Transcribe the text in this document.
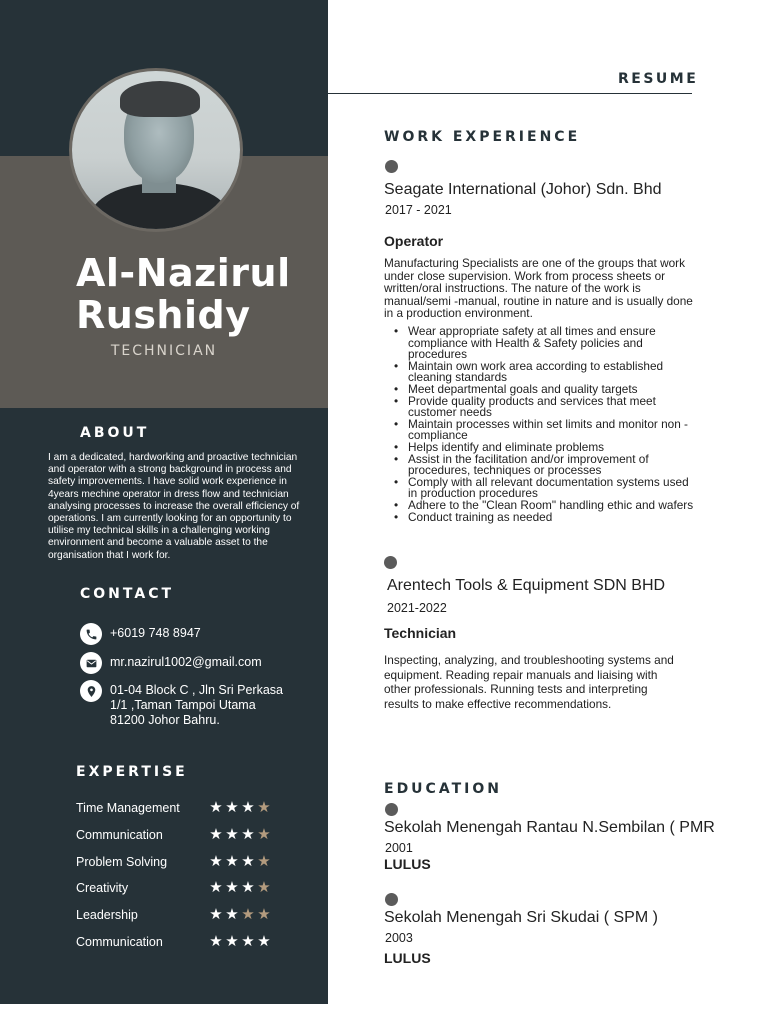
Al-Nazirul
Rushidy
TECHNICIAN
ABOUT
I am a dedicated, hardworking and proactive technician and operator with a strong background in process and safety improvements. I have solid work experience in 4years mechine operator in dress flow and technician analysing processes to increase the overall efficiency of operations. I am currently looking for an opportunity to utilise my technical skills in a challenging working environment and become a valuable asset to the organisation that I work for.
CONTACT
+6019 748 8947
mr.nazirul1002@gmail.com
01-04 Block C , Jln Sri Perkasa
1/1 ,Taman Tampoi Utama
81200 Johor Bahru.
EXPERTISE
Time Management ★ ★ ★ ★
Communication	★ ★ ★ ★
Problem Solving	★ ★ ★ ★
Creativity	★ ★ ★ ★
Leadership	★ ★ ★ ★
Communication	★ ★ ★ ★
RESUME
WORK EXPERIENCE
Seagate International (Johor) Sdn. Bhd
2017 - 2021
Operator
Manufacturing Specialists are one of the groups that work under close supervision. Work from process sheets or written/oral instructions. The nature of the work is manual/semi -manual, routine in nature and is usually done in a production environment.
• Wear appropriate safety at all times and ensure compliance with Health & Safety policies and procedures
• Maintain own work area according to established cleaning standards
• Meet departmental goals and quality targets
• Provide quality products and services that meet customer needs
• Maintain processes within set limits and monitor non -compliance
• Helps identify and eliminate problems
• Assist in the facilitation and/or improvement of procedures, techniques or processes
• Comply with all relevant documentation systems used in production procedures
• Adhere to the "Clean Room" handling ethic and wafers
• Conduct training as needed
Arentech Tools & Equipment SDN BHD
2021-2022
Technician
Inspecting, analyzing, and troubleshooting systems and equipment. Reading repair manuals and liaising with other professionals. Running tests and interpreting results to make effective recommendations.
EDUCATION
Sekolah Menengah Rantau N.Sembilan ( PMR
2001
LULUS
Sekolah Menengah Sri Skudai ( SPM )
2003
LULUS
